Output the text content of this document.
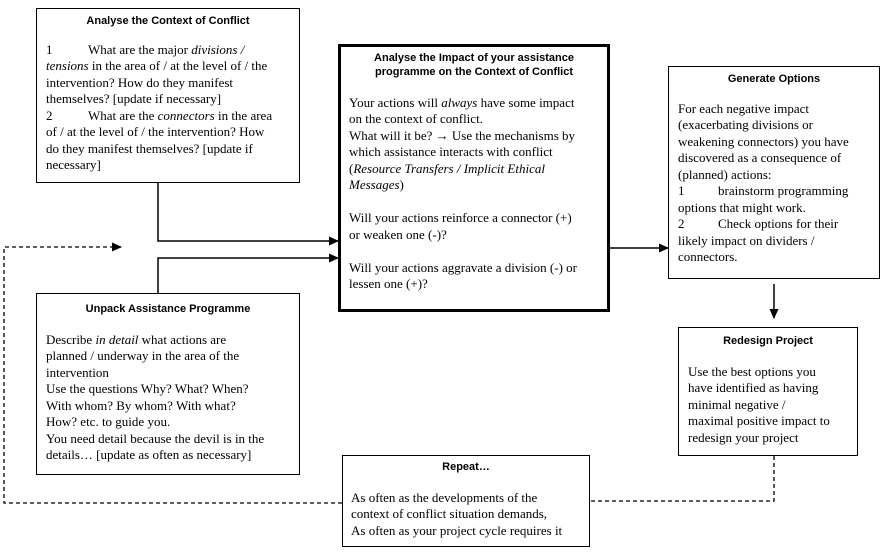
Analyse the Context of Conflict
1	What are the major divisions /
tensions in the area of / at the level of / the
intervention? How do they manifest
themselves? [update if necessary]
2	What are the connectors in the area
of / at the level of / the intervention? How
do they manifest themselves? [update if
necessary]
Analyse the Impact of your assistance
programme on the Context of Conflict
Your actions will always have some impact
on the context of conflict.
What will it be? → Use the mechanisms by
which assistance interacts with conflict
(Resource Transfers / Implicit Ethical
Messages)
Will your actions reinforce a connector (+)
or weaken one (-)?
Will your actions aggravate a division (-) or
lessen one (+)?
Generate Options
For each negative impact
(exacerbating divisions or
weakening connectors) you have
discovered as a consequence of
(planned) actions:
1	brainstorm programming
options that might work.
2	Check options for their
likely impact on dividers /
connectors.
Unpack Assistance Programme
Describe in detail what actions are
planned / underway in the area of the
intervention
Use the questions Why? What? When?
With whom? By whom? With what?
How? etc. to guide you.
You need detail because the devil is in the
details… [update as often as necessary]
Redesign Project
Use the best options you
have identified as having
minimal negative /
maximal positive impact to
redesign your project
Repeat…
As often as the developments of the
context of conflict situation demands,
As often as your project cycle requires it
